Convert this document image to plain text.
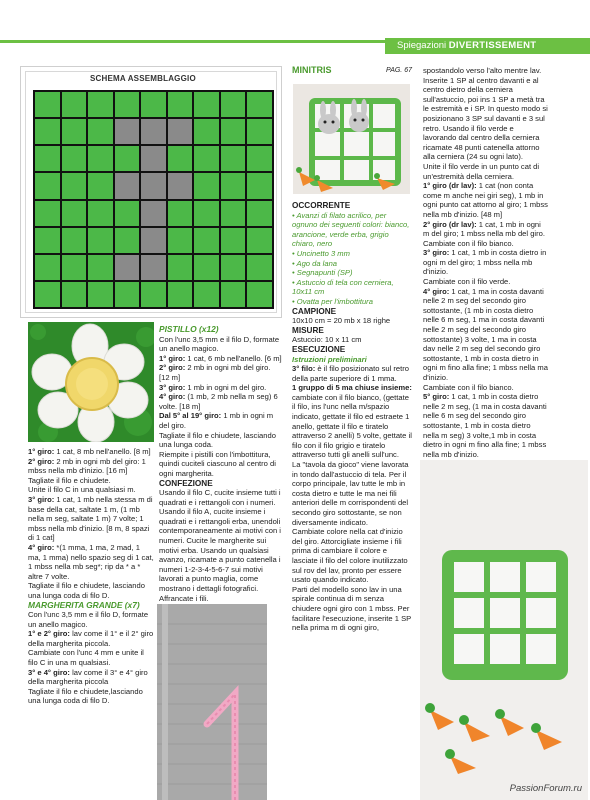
Spiegazioni DIVERTISSEMENT
SCHEMA ASSEMBLAGGIO

1° giro: 1 cat, 8 mb nell'anello. [8 m]

2° giro: 2 mb in ogni mb del giro: 1 mbss nella mb d'inizio. [16 m]

Tagliate il filo e chiudete.

Unite il filo C in una qualsiasi m.

3° giro: 1 cat, 1 mb nella stessa m di base della cat, saltate 1 m, (1 mb nella m seg, saltate 1 m) 7 volte; 1 mbss nella mb d'inizio. [8 m, 8 spazi di 1 cat]

4° giro: *(1 mma, 1 ma, 2 mad, 1 ma, 1 mma) nello spazio seg di 1 cat, 1 mbss nella mb seg*; rip da * a * altre 7 volte.

Tagliate il filo e chiudete, lasciando una lunga coda di filo D.

MARGHERITA GRANDE (x7)

Con l'unc 3,5 mm e il filo D, formate un anello magico.

1° e 2° giro: lav come il 1° e il 2° giro della margherita piccola.

Cambiate con l'unc 4 mm e unite il filo C in una m qualsiasi.

3° e 4° giro: lav come il 3° e 4° giro della margherita piccola

Tagliate il filo e chiudete,lasciando una lunga coda di filo D.

PISTILLO (x12)

Con l'unc 3,5 mm e il filo D, formate un anello magico.

1° giro: 1 cat, 6 mb nell'anello. [6 m]

2° giro: 2 mb in ogni mb del giro. [12 m]

3° giro: 1 mb in ogni m del giro.

4° giro: (1 mb, 2 mb nella m seg) 6 volte. [18 m]

Dal 5° al 19° giro: 1 mb in ogni m del giro.

Tagliate il filo e chiudete, lasciando una lunga coda.

Riempite i pistilli con l'imbottitura, quindi cuciteli ciascuno al centro di ogni margherita.

CONFEZIONE

Usando il filo C, cucite insieme tutti i quadrati e i rettangoli con i numeri.

Usando il filo A, cucite insieme i quadrati e i rettangoli erba, unendoli contemporaneamente ai motivi con i numeri. Cucite le margherite sui motivi erba. Usando un qualsiasi avanzo, ricamate a punto catenella i numeri 1-2-3-4-5-6-7 sui motivi lavorati a punto maglia, come mostrano i dettagli fotografici. Affrancate i fili.

MINITRIS	PAG. 67

OCCORRENTE

• Avanzi di filato acrilico, per ognuno dei seguenti colori: bianco, arancione, verde erba, grigio chiaro, nero

• Uncinetto 3 mm

• Ago da lana

• Segnapunti (SP)

• Astuccio di tela con cerniera, 10x11 cm

• Ovatta per l'imbottitura

CAMPIONE

10x10 cm = 20 mb x 18 righe

MISURE

Astuccio: 10 x 11 cm

ESECUZIONE

Istruzioni preliminari

3° filo: è il filo posizionato sul retro della parte superiore di 1 mma.

1 gruppo di 5 ma chiuse insieme: cambiate con il filo bianco, (gettate il filo, ins l'unc nella m/spazio indicato, gettate il filo ed estraete 1 anello, gettate il filo e tiratelo attraverso 2 anelli) 5 volte, gettate il filo con il filo grigio e tiratelo attraverso tutti gli anelli sull'unc.

La "tavola da gioco" viene lavorata in tondo dall'astuccio di tela. Per il corpo principale, lav tutte le mb in costa dietro e tutte le ma nei fili anteriori delle m corrispondenti del secondo giro sottostante, se non diversamente indicato.

Cambiate colore nella cat d'inizio del giro. Attorcigliate insieme i fili prima di cambiare il colore e lasciate il filo del colore inutilizzato sul rov del lav, pronto per essere usato quando indicato.

Parti del modello sono lav in una spirale continua di m senza chiudere ogni giro con 1 mbss. Per facilitare l'esecuzione, inserite 1 SP nella prima m di ogni giro,

spostandolo verso l'alto mentre lav.

Inserite 1 SP al centro davanti e al centro dietro della cerniera sull'astuccio, poi ins 1 SP a metà tra le estremità e i SP. In questo modo si posizionano 3 SP sul davanti e 3 sul retro. Usando il filo verde e lavorando dal centro della cerniera ricamate 48 punti catenella attorno alla cerniera (24 su ogni lato).

Unite il filo verde in un punto cat di un'estremità della cerniera.

1° giro (dr lav): 1 cat (non conta come m anche nei giri seg), 1 mb in ogni punto cat attorno al giro; 1 mbss nella mb d'inizio. [48 m]

2° giro (dr lav): 1 cat, 1 mb in ogni m del giro; 1 mbss nella mb del giro.

Cambiate con il filo bianco.

3° giro: 1 cat, 1 mb in costa dietro in ogni m del giro; 1 mbss nella mb d'inizio.

Cambiate con il filo verde.

4° giro: 1 cat, 1 ma in costa davanti nelle 2 m seg del secondo giro sottostante, (1 mb in costa dietro nelle 6 m seg, 1 ma in costa davanti nelle 2 m seg del secondo giro sottostante) 3 volte, 1 ma in costa dav nelle 2 m seg del secondo giro sottostante, 1 mb in costa dietro in ogni m fino alla fine; 1 mbss nella ma d'inizio.

Cambiate con il filo bianco.

5° giro: 1 cat, 1 mb in costa dietro nelle 2 m seg, (1 ma in costa davanti nelle 6 m seg del secondo giro sottostante, 1 mb in costa dietro nella m seg) 3 volte,1 mb in costa dietro in ogni m fino alla fine; 1 mbss nella mb d'inizio.

PassionForum.ru
